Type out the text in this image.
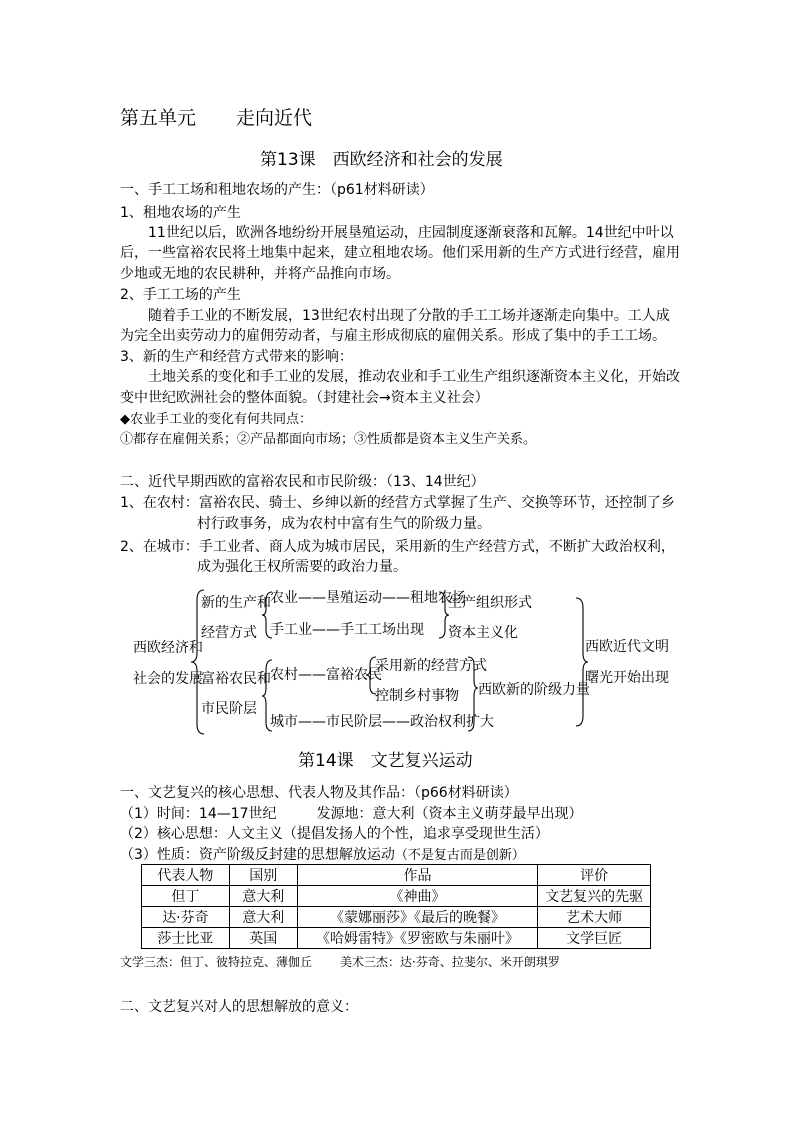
第五单元 走向近代
第13课　西欧经济和社会的发展
一、手工工场和租地农场的产生：（p61材料研读）
1、租地农场的产生
11世纪以后，欧洲各地纷纷开展垦殖运动，庄园制度逐渐衰落和瓦解。14世纪中叶以
后，一些富裕农民将土地集中起来，建立租地农场。他们采用新的生产方式进行经营，雇用
少地或无地的农民耕种，并将产品推向市场。
2、手工工场的产生
随着手工业的不断发展，13世纪农村出现了分散的手工工场并逐渐走向集中。工人成
为完全出卖劳动力的雇佣劳动者，与雇主形成彻底的雇佣关系。形成了集中的手工工场。
3、新的生产和经营方式带来的影响：
土地关系的变化和手工业的发展，推动农业和手工业生产组织逐渐资本主义化，开始改
变中世纪欧洲社会的整体面貌。（封建社会→资本主义社会）
◆农业手工业的变化有何共同点：
①都存在雇佣关系；②产品都面向市场；③性质都是资本主义生产关系。
二、近代早期西欧的富裕农民和市民阶级：（13、14世纪）
1、在农村：富裕农民、骑士、乡绅以新的经营方式掌握了生产、交换等环节，还控制了乡
村行政事务，成为农村中富有生气的阶级力量。
2、在城市：手工业者、商人成为城市居民，采用新的生产经营方式，不断扩大政治权利，
成为强化王权所需要的政治力量。
西欧经济和
社会的发展
新的生产和
经营方式
农业——垦殖运动——租地农场
手工业——手工工场出现
生产组织形式
资本主义化
富裕农民和
市民阶层
农村——富裕农民
采用新的经营方式
控制乡村事物	西欧新的阶级力量
城市——市民阶层——政治权利扩大
西欧近代文明
曙光开始出现
第14课　文艺复兴运动
一、文艺复兴的核心思想、代表人物及其作品：（p66材料研读）
（1）时间：14—17世纪	发源地：意大利（资本主义萌芽最早出现）
（2）核心思想：人文主义（提倡发扬人的个性，追求享受现世生活）
（3）性质：资产阶级反封建的思想解放运动（不是复古而是创新）
代表人物	国别	作品	评价
但丁	意大利	《神曲》	文艺复兴的先驱
达·芬奇	意大利	《蒙娜丽莎》《最后的晚餐》	艺术大师
莎士比亚	英国	《哈姆雷特》《罗密欧与朱丽叶》	文学巨匠
文学三杰：但丁、彼特拉克、薄伽丘 美术三杰：达·芬奇、拉斐尔、米开朗琪罗
二、文艺复兴对人的思想解放的意义：
